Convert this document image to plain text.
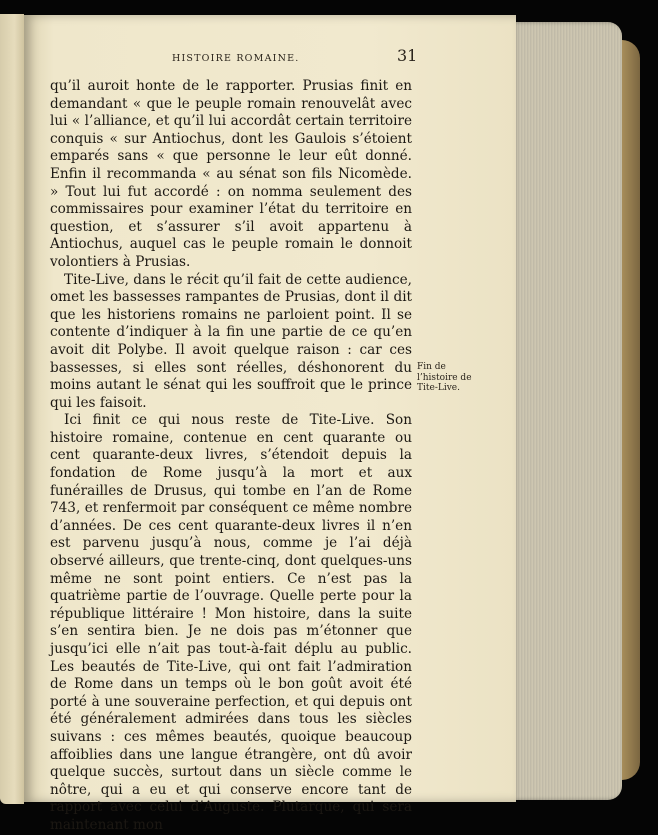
HISTOIRE ROMAINE.	31

qu’il auroit honte de le rapporter. Prusias finit en demandant « que le peuple romain renouvelât avec lui « l’alliance, et qu’il lui accordât certain territoire conquis « sur Antiochus, dont les Gaulois s’étoient emparés sans « que personne le leur eût donné. Enfin il recommanda « au sénat son fils Nicomède. » Tout lui fut accordé : on nomma seulement des commissaires pour examiner l’état du territoire en question, et s’assurer s’il avoit appartenu à Antiochus, auquel cas le peuple romain le donnoit volontiers à Prusias.

Tite-Live, dans le récit qu’il fait de cette audience, omet les bassesses rampantes de Prusias, dont il dit que les historiens romains ne parloient point. Il se contente d’indiquer à la fin une partie de ce qu’en avoit dit Polybe. Il avoit quelque raison : car ces bassesses, si elles sont réelles, déshonorent du moins autant le sénat qui les souffroit que le prince qui les faisoit.

Ici finit ce qui nous reste de Tite-Live. Son histoire romaine, contenue en cent quarante ou cent quarante-deux livres, s’étendoit depuis la fondation de Rome jusqu’à la mort et aux funérailles de Drusus, qui tombe en l’an de Rome 743, et renfermoit par conséquent ce même nombre d’années. De ces cent quarante-deux livres il n’en est parvenu jusqu’à nous, comme je l’ai déjà observé ailleurs, que trente-cinq, dont quelques-uns même ne sont point entiers. Ce n’est pas la quatrième partie de l’ouvrage. Quelle perte pour la république littéraire ! Mon histoire, dans la suite s’en sentira bien. Je ne dois pas m’étonner que jusqu’ici elle n’ait pas tout-à-fait déplu au public. Les beautés de Tite-Live, qui ont fait l’admiration de Rome dans un temps où le bon goût avoit été porté à une souveraine perfection, et qui depuis ont été généralement admirées dans tous les siècles suivans : ces mêmes beautés, quoique beaucoup affoiblies dans une langue étrangère, ont dû avoir quelque succès, surtout dans un siècle comme le nôtre, qui a eu et qui conserve encore tant de rapport avec celui d’Auguste. Plutarque, qui sera maintenant mon

Fin de l’histoire de Tite-Live.
